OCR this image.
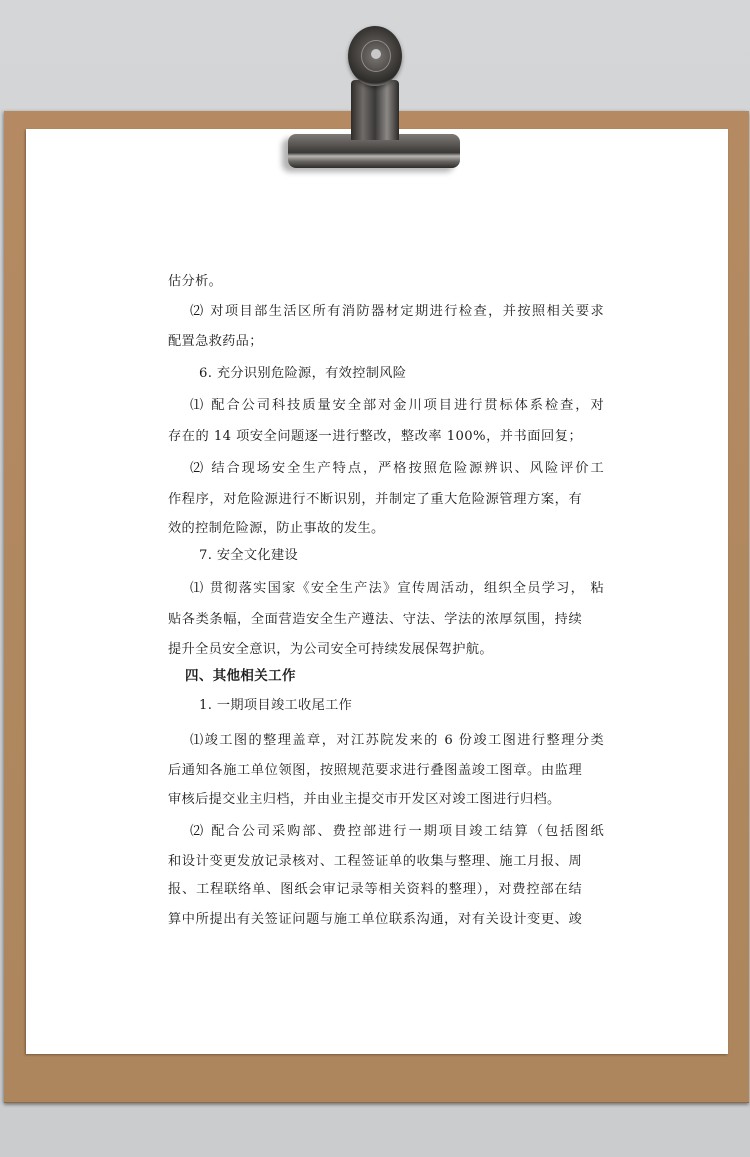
估分析。
⑵ 对项目部生活区所有消防器材定期进行检查，并按照相关要求
配置急救药品；
6. 充分识别危险源，有效控制风险
⑴ 配合公司科技质量安全部对金川项目进行贯标体系检查，对
存在的 14 项安全问题逐一进行整改，整改率 100%，并书面回复；
⑵ 结合现场安全生产特点，严格按照危险源辨识、风险评价工
作程序，对危险源进行不断识别，并制定了重大危险源管理方案，有
效的控制危险源，防止事故的发生。
7. 安全文化建设
⑴ 贯彻落实国家《安全生产法》宣传周活动，组织全员学习， 粘
贴各类条幅，全面营造安全生产遵法、守法、学法的浓厚氛围，持续
提升全员安全意识，为公司安全可持续发展保驾护航。
四、其他相关工作
1. 一期项目竣工收尾工作
⑴竣工图的整理盖章，对江苏院发来的 6 份竣工图进行整理分类
后通知各施工单位领图，按照规范要求进行叠图盖竣工图章。由监理
审核后提交业主归档，并由业主提交市开发区对竣工图进行归档。
⑵ 配合公司采购部、费控部进行一期项目竣工结算（包括图纸
和设计变更发放记录核对、工程签证单的收集与整理、施工月报、周
报、工程联络单、图纸会审记录等相关资料的整理），对费控部在结
算中所提出有关签证问题与施工单位联系沟通，对有关设计变更、竣
